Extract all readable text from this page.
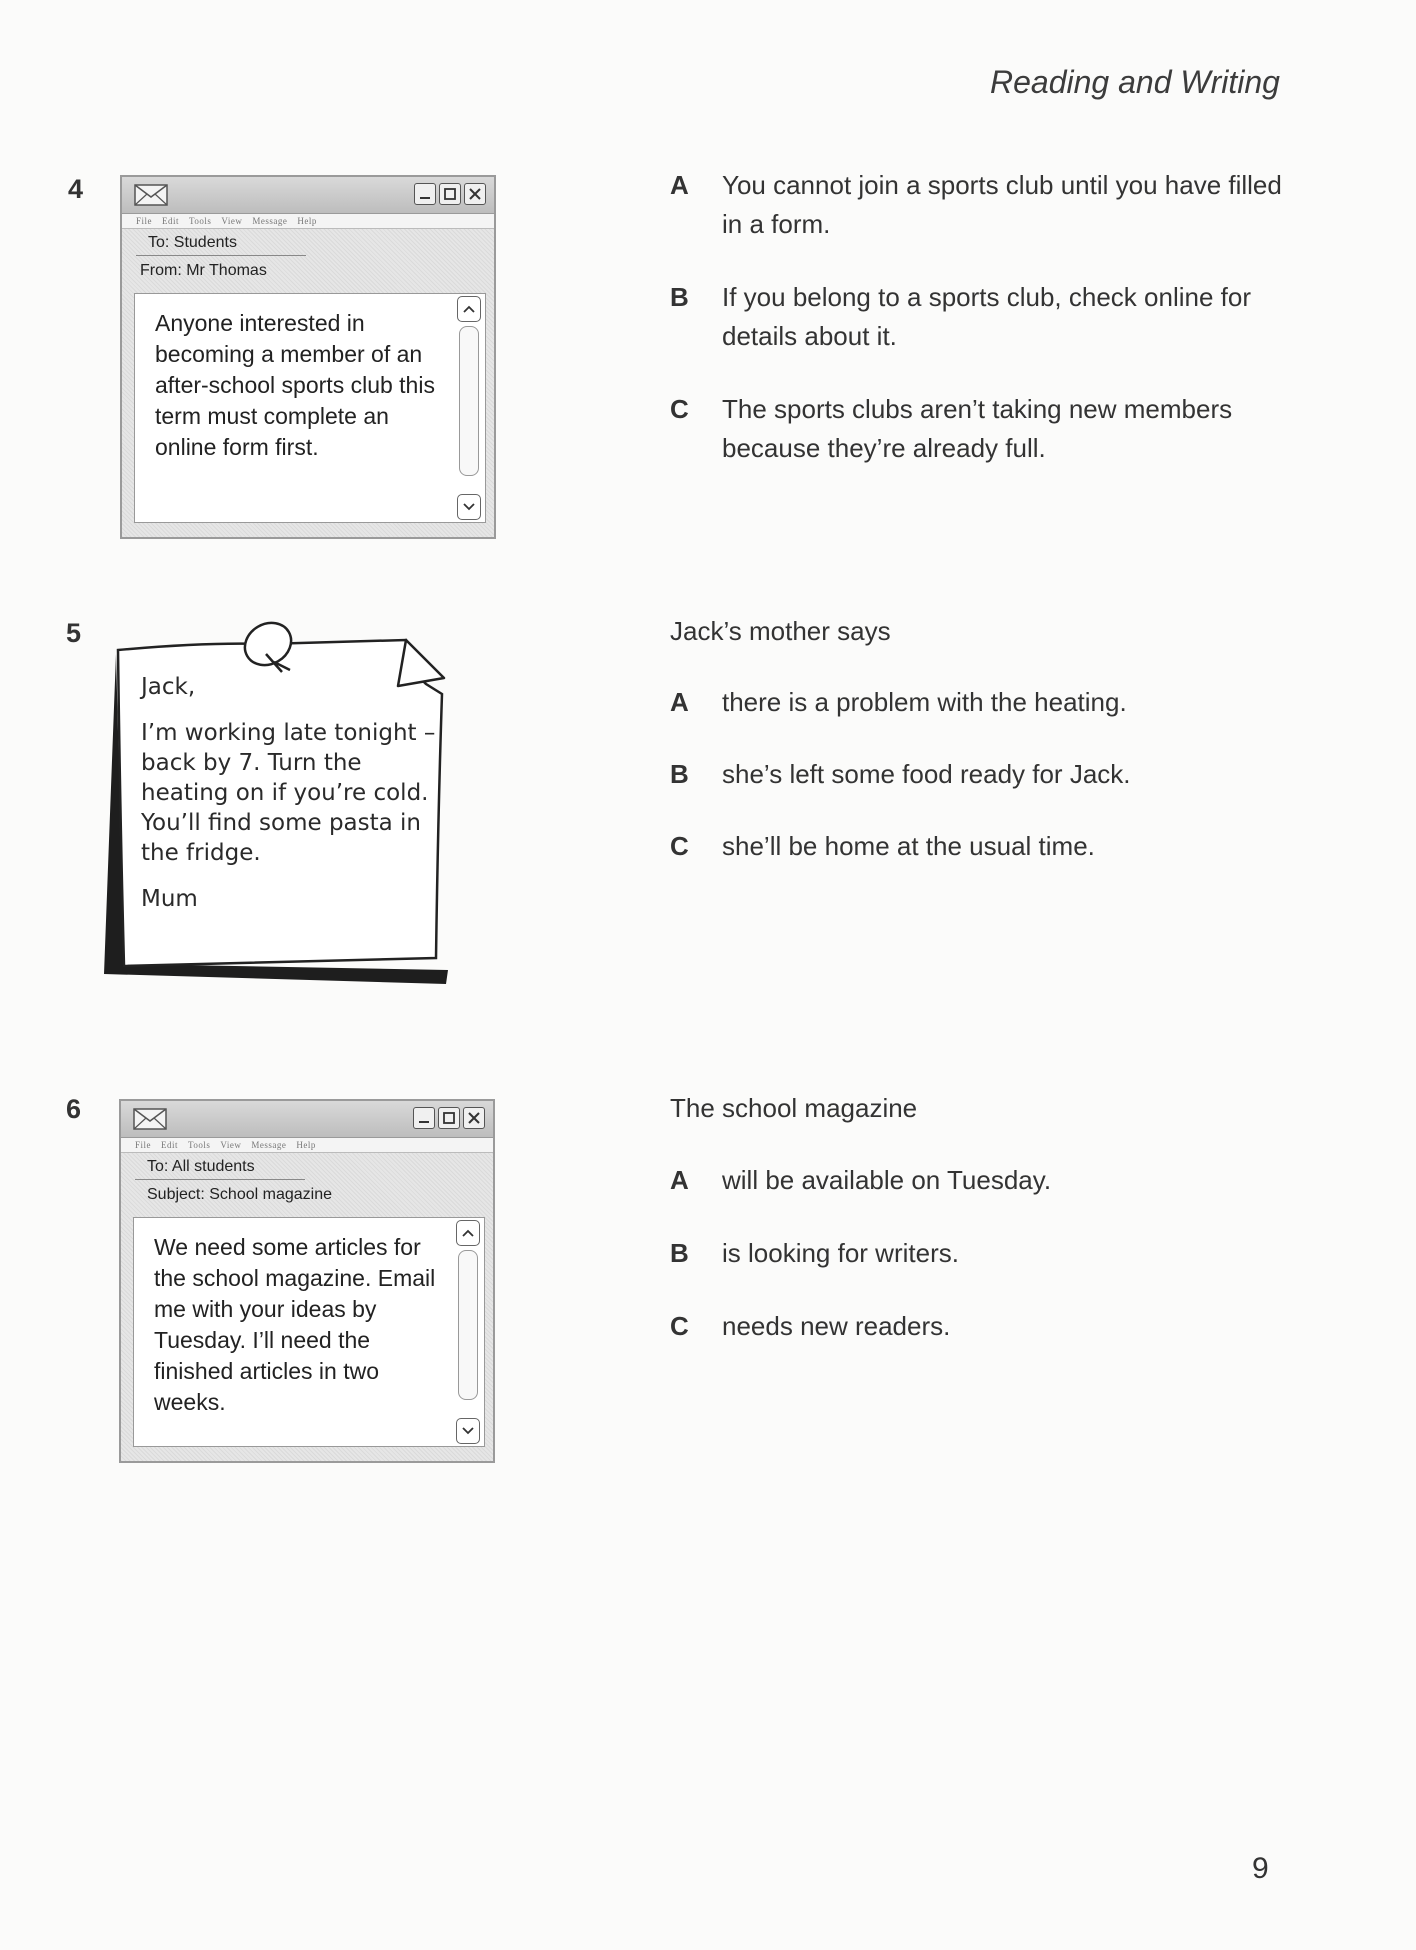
Reading and Writing
4
File Edit Tools View Message Help
To: Students
From: Mr Thomas
Anyone interested in becoming a member of an after-school sports club this term must complete an online form first.
A	You cannot join a sports club until you have filled in a form.
B	If you belong to a sports club, check online for details about it.
C	The sports clubs aren’t taking new members because they’re already full.
5
Jack,
I’m working late tonight – back by 7. Turn the heating on if you’re cold. You’ll find some pasta in the fridge.
Mum
Jack’s mother says
A	there is a problem with the heating.
B	she’s left some food ready for Jack.
C	she’ll be home at the usual time.
6
File Edit Tools View Message Help
To: All students
Subject: School magazine
We need some articles for the school magazine. Email me with your ideas by Tuesday. I’ll need the finished articles in two weeks.
The school magazine
A	will be available on Tuesday.
B	is looking for writers.
C	needs new readers.
9
